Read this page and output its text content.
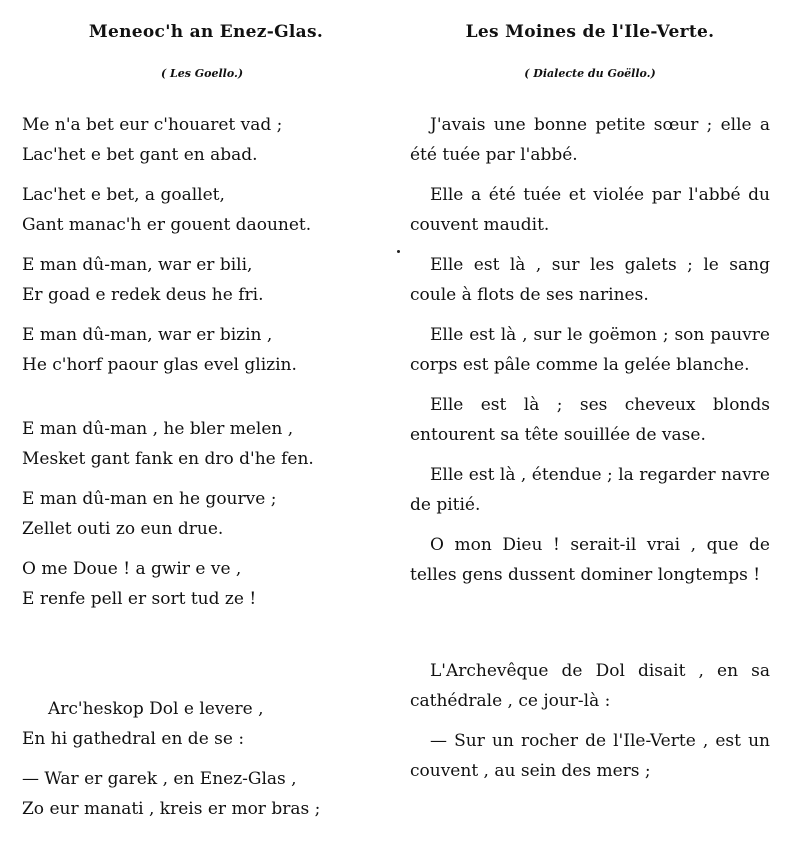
Meneoc'h an Enez-Glas.
( Les Goello.)
Me n'a bet eur c'houaret vad ;
Lac'het e bet gant en abad.
Lac'het e bet, a goallet,
Gant manac'h er gouent daounet.
E man dû-man, war er bili,
Er goad e redek deus he fri.
E man dû-man, war er bizin ,
He c'horf paour glas evel glizin.
E man dû-man , he bler melen ,
Mesket gant fank en dro d'he fen.
E man dû-man en he gourve ;
Zellet outi zo eun drue.
O me Doue ! a gwir e ve ,
E renfe pell er sort tud ze !
Arc'heskop Dol e levere ,
En hi gathedral en de se :
— War er garek , en Enez-Glas ,
Zo eur manati , kreis er mor bras ;
Les Moines de l'Ile-Verte.
( Dialecte du Goëllo.)

J'avais une bonne petite sœur ; elle a été tuée par l'abbé.

Elle a été tuée et violée par l'abbé du couvent maudit.

Elle est là , sur les galets ; le sang coule à flots de ses narines.

Elle est là , sur le goëmon ; son pauvre corps est pâle comme la gelée blanche.

Elle est là ; ses cheveux blonds entourent sa tête souillée de vase.

Elle est là , étendue ; la regarder navre de pitié.

O mon Dieu ! serait-il vrai , que de telles gens dussent dominer longtemps !

L'Archevêque de Dol disait , en sa cathédrale , ce jour-là :

— Sur un rocher de l'Ile-Verte , est un couvent , au sein des mers ;
